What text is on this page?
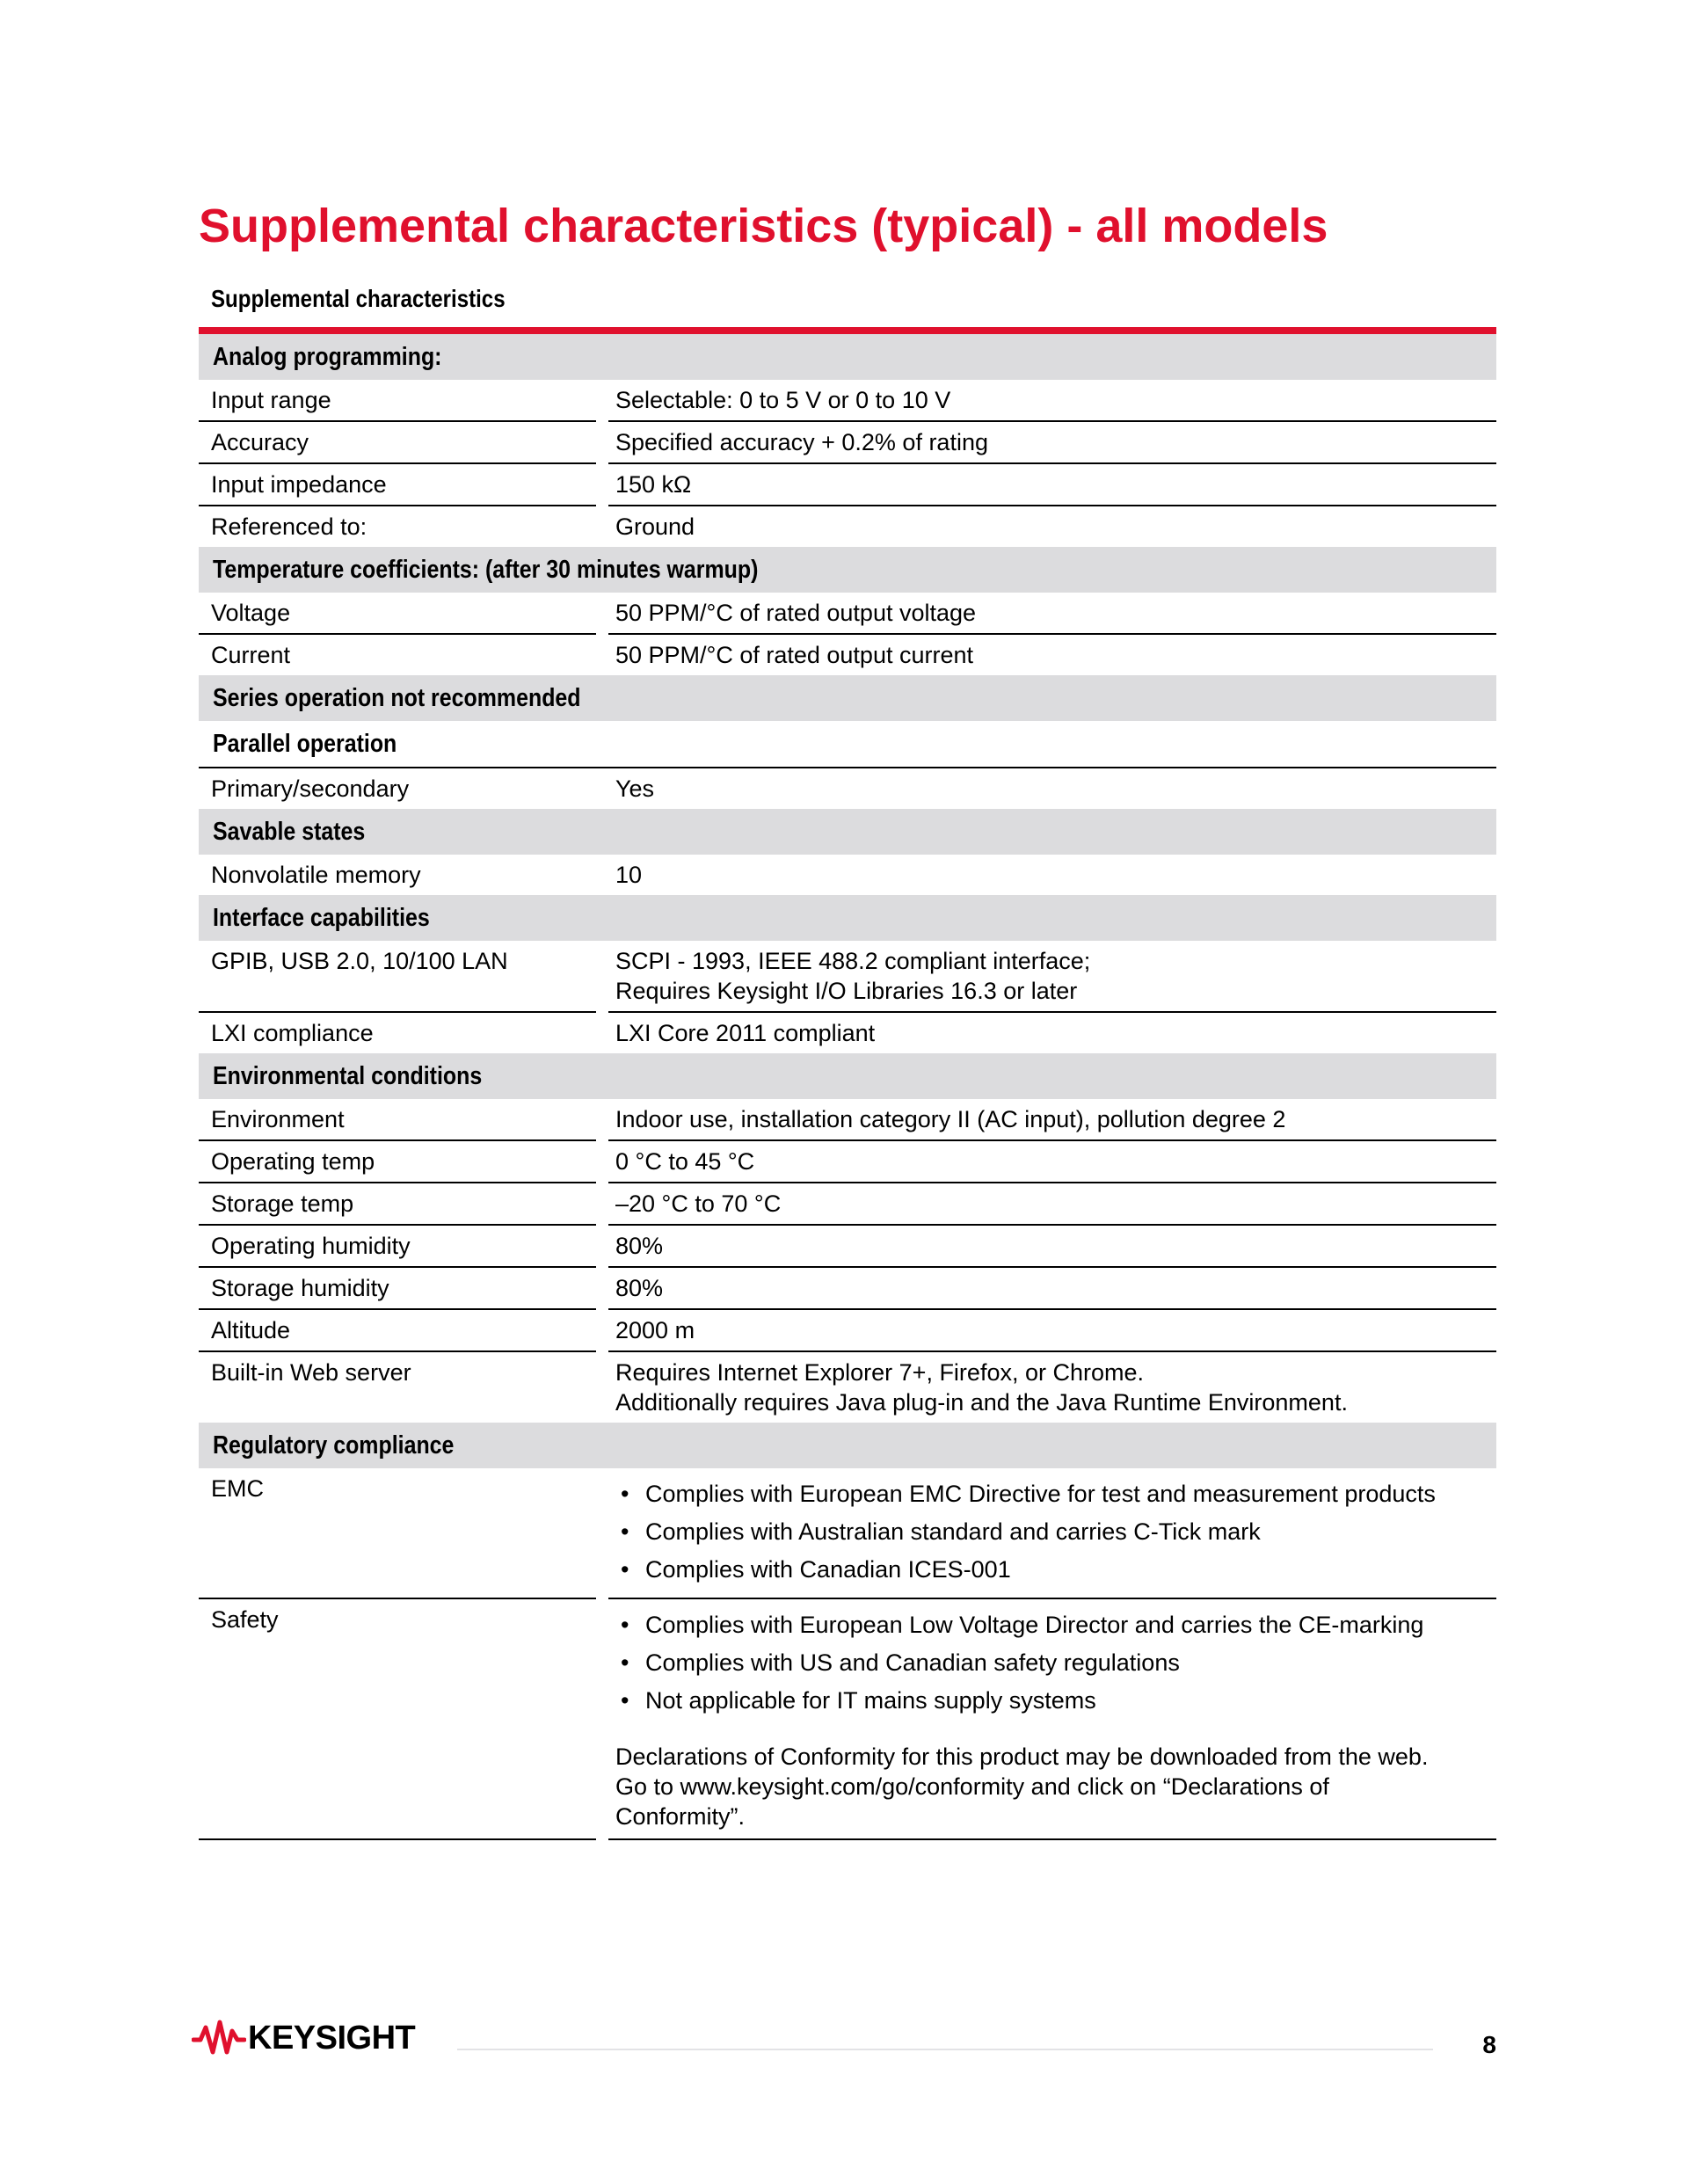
Supplemental characteristics (typical) - all models
Supplemental characteristics
Analog programming:
Input range	Selectable: 0 to 5 V or 0 to 10 V
Accuracy	Specified accuracy + 0.2% of rating
Input impedance	150 kΩ
Referenced to:	Ground
Temperature coefficients: (after 30 minutes warmup)
Voltage	50 PPM/°C of rated output voltage
Current	50 PPM/°C of rated output current
Series operation not recommended
Parallel operation
Primary/secondary	Yes
Savable states
Nonvolatile memory	10
Interface capabilities
GPIB, USB 2.0, 10/100 LAN	SCPI - 1993, IEEE 488.2 compliant interface;
Requires Keysight I/O Libraries 16.3 or later
LXI compliance	LXI Core 2011 compliant
Environmental conditions
Environment	Indoor use, installation category II (AC input), pollution degree 2
Operating temp	0 °C to 45 °C
Storage temp	–20 °C to 70 °C
Operating humidity	80%
Storage humidity	80%
Altitude	2000 m
Built-in Web server	Requires Internet Explorer 7+, Firefox, or Chrome.
Additionally requires Java plug-in and the Java Runtime Environment.
Regulatory compliance
EMC	• Complies with European EMC Directive for test and measurement products
• Complies with Australian standard and carries C-Tick mark
• Complies with Canadian ICES-001
Safety	• Complies with European Low Voltage Director and carries the CE-marking
• Complies with US and Canadian safety regulations
• Not applicable for IT mains supply systems
Declarations of Conformity for this product may be downloaded from the web.
Go to www.keysight.com/go/conformity and click on “Declarations of
Conformity”.
KEYSIGHT	8
